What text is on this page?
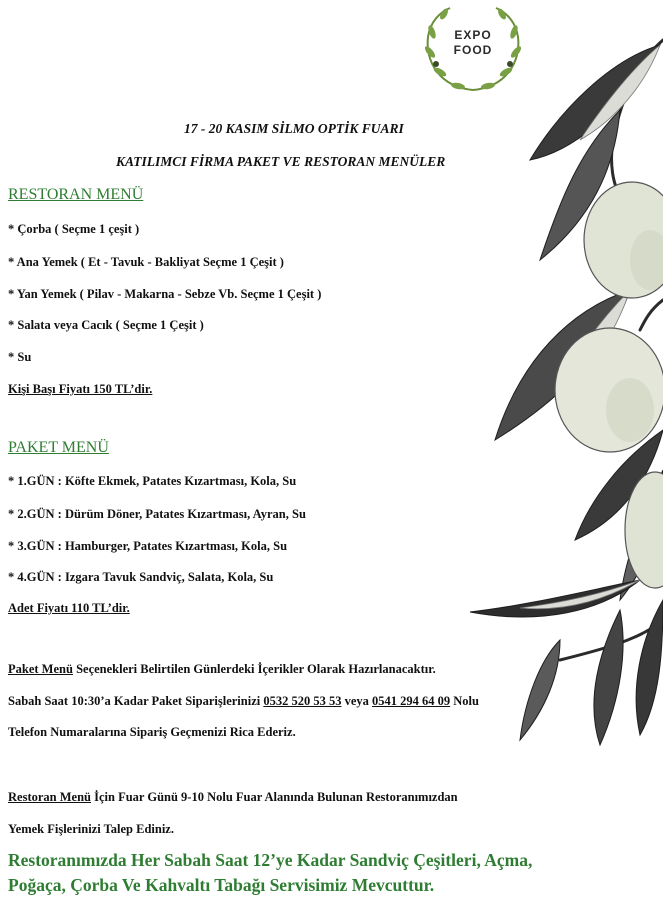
EXPO
FOOD
17 - 20 KASIM SİLMO OPTİK FUARI
KATILIMCI FİRMA PAKET VE RESTORAN MENÜLER
RESTORAN MENÜ
* Çorba ( Seçme 1 çeşit )
* Ana Yemek ( Et - Tavuk - Bakliyat Seçme 1 Çeşit )
* Yan Yemek ( Pilav - Makarna - Sebze Vb. Seçme 1 Çeşit )
* Salata veya Cacık ( Seçme 1 Çeşit )
* Su
Kişi Başı Fiyatı 150 TL’dir.
PAKET MENÜ
* 1.GÜN : Köfte Ekmek, Patates Kızartması, Kola, Su
* 2.GÜN : Dürüm Döner, Patates Kızartması, Ayran, Su
* 3.GÜN : Hamburger, Patates Kızartması, Kola, Su
* 4.GÜN : Izgara Tavuk Sandviç, Salata, Kola, Su
Adet Fiyatı 110 TL’dir.
Paket Menü Seçenekleri Belirtilen Günlerdeki İçerikler Olarak Hazırlanacaktır.
Sabah Saat 10:30’a Kadar Paket Siparişlerinizi 0532 520 53 53 veya 0541 294 64 09 Nolu
Telefon Numaralarına Sipariş Geçmenizi Rica Ederiz.
Restoran Menü İçin Fuar Günü 9-10 Nolu Fuar Alanında Bulunan Restoranımızdan
Yemek Fişlerinizi Talep Ediniz.
Restoranımızda Her Sabah Saat 12’ye Kadar Sandviç Çeşitleri, Açma,
Poğaça, Çorba Ve Kahvaltı Tabağı Servisimiz Mevcuttur.
